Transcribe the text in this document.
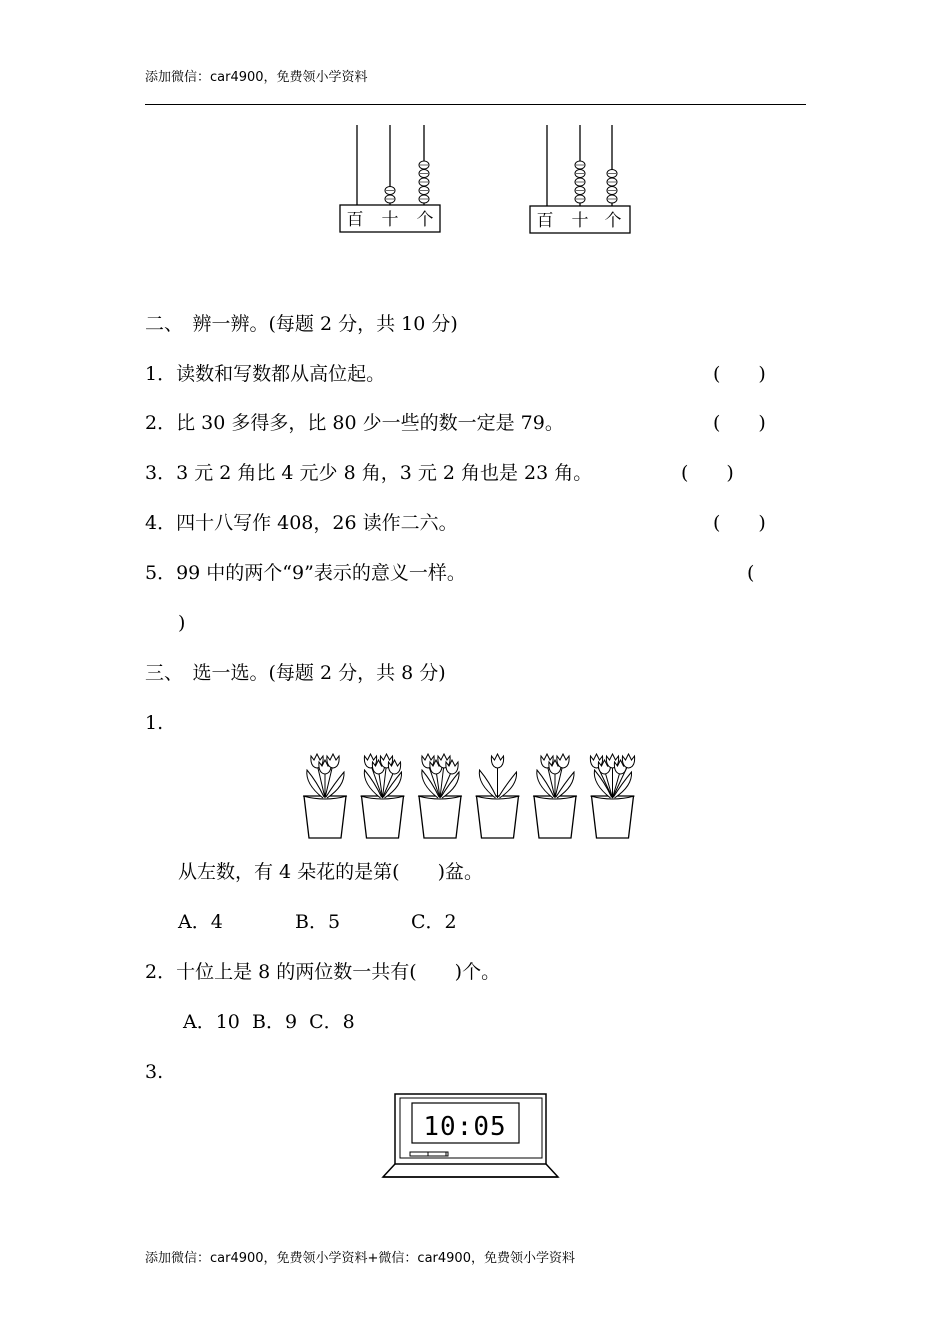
添加微信：car4900，免费领小学资料
百 十 个	百 十 个
二、　辨一辨。(每题 2 分，共 10 分)
1．读数和写数都从高位起。	(　　)
2．比 30 多得多，比 80 少一些的数一定是 79。	(　　)
3．3 元 2 角比 4 元少 8 角，3 元 2 角也是 23 角。	(　　)
4．四十八写作 408，26 读作二六。	(　　)
5．99 中的两个“9”表示的意义一样。	(
)
三、　选一选。(每题 2 分，共 8 分)
1.
从左数，有 4 朵花的是第(　　)盆。
A．4	B．5	C．2
2．十位上是 8 的两位数一共有(　　)个。
A．10  B．9  C．8
3.
10:05
添加微信：car4900，免费领小学资料+微信：car4900，免费领小学资料
